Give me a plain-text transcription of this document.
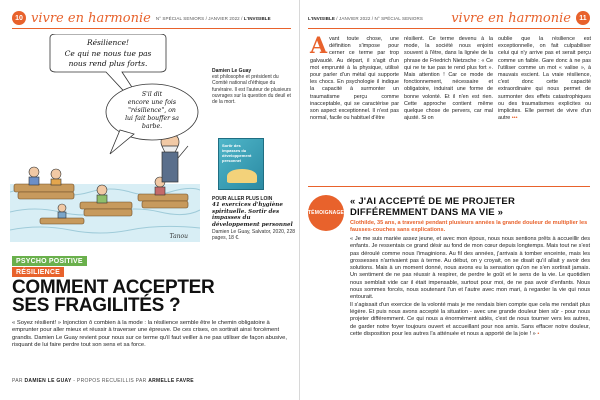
10 vivre en harmonie N° SPÉCIAL SENIORS / JANVIER 2022 / L'INVISIBLE
Résilience!
Ce qui ne nous tue pas
nous rend plus forts.
S'il dit
encore une fois
"résilience", on
lui fait bouffer sa
barbe.
Tanou
Damien Le Guay
est philosophe et président du Comité national d'éthique du funéraire. Il est l'auteur de plusieurs ouvrages sur la question du deuil et de la mort.
Sortir des impasses du développement personnel
POUR ALLER PLUS LOIN
41 exercices d'hygiène spirituelle. Sortir des impasses du développement personnel
Damien Le Guay, Salvator, 2020, 228 pages, 18 €.
PSYCHO POSITIVE
RÉSILIENCE
COMMENT ACCEPTER
SES FRAGILITÉS ?
« Soyez résilient! » Injonction ô combien à la mode : la résilience semble être le chemin obligatoire à emprunter pour aller mieux et réussir à traverser une épreuve. De ces crises, on sortirait ainsi forcément grandis. Damien Le Guay revient pour nous sur ce terme qu'il faut veiller à ne pas utiliser de façon abusive, risquant de lui faire perdre tout son sens et sa force.
PAR DAMIEN LE GUAY - PROPOS RECUEILLIS PAR ARMELLE FAVRE
L'INVISIBLE / JANVIER 2022 / N° SPÉCIAL SENIORS vivre en harmonie	11
Avant toute chose, une définition s'impose pour cerner ce terme par trop galvaudé. Au départ, il s'agit d'un mot emprunté à la physique, utilisé pour parler d'un métal qui supporte les chocs. En psychologie il indique la capacité à surmonter un traumatisme perçu comme inacceptable, qui se caractérise par son aspect exceptionnel. Il n'est pas normal, facile ou habituel d'être
résilient. Ce terme devenu à la mode, la société nous enjoint souvent à l'être, dans la lignée de la phrase de Friedrich Nietzsche : « Ce qui ne te tue pas te rend plus fort ». Mais attention ! Car ce mode de fonctionnement, nécessaire et obligatoire, induirait une forme de bonne volonté. Et il n'en est rien. Cette approche contient même quelque chose de pervers, car mal ajusté. Si on
oublie que la résilience est exceptionnelle, on fait culpabiliser celui qui n'y arrive pas et serait perçu comme un faible. Gare donc à ne pas l'utiliser comme un mot « valise », à mauvais escient. La vraie résilience, c'est donc cette capacité extraordinaire qui nous permet de surmonter des effets catastrophiques ou des traumatismes explicites ou implicites. Elle permet de vivre d'un autre •••
TÉMOIGNAGE
« J'AI ACCEPTÉ DE ME PROJETER DIFFÉREMMENT DANS MA VIE »
Clothilde, 35 ans, a traversé pendant plusieurs années la grande douleur de multiplier les fausses-couches sans explications.

« Je me suis mariée assez jeune, et avec mon époux, nous nous sentions prêts à accueillir des enfants. Je ressentais ce grand désir au fond de mon cœur depuis longtemps. Mais tout ne s'est pas déroulé comme nous l'imaginions. Au fil des années, j'arrivais à tomber enceinte, mais les grossesses n'arrivaient pas à terme. Au début, on y croyait, on se disait qu'il allait y avoir des solutions. Mais à un moment donné, nous avons eu la sensation qu'on ne s'en sortirait jamais. Un sentiment de ne pas réussir à respirer, de perdre le goût et le sens de la vie. Le quotidien nous semblait vide car il était impensable, surtout pour moi, de ne pas avoir d'enfants. Nous nous sommes forcés, nous soutenant l'un et l'autre avec mon mari, à regarder la vie qui nous entourait.

Il s'agissait d'un exercice de la volonté mais je me rendais bien compte que cela me rendait plus légère. Et puis nous avons accepté la situation - avec une grande douleur bien sûr - pour nous projeter différemment. Ce qui nous a énormément aidés, c'est de nous tourner vers les autres, de garder notre foyer toujours ouvert et accueillant pour nos amis. Sans effacer notre douleur, cette disposition pour les autres l'a atténuée et nous a apporté de la joie ! » •
